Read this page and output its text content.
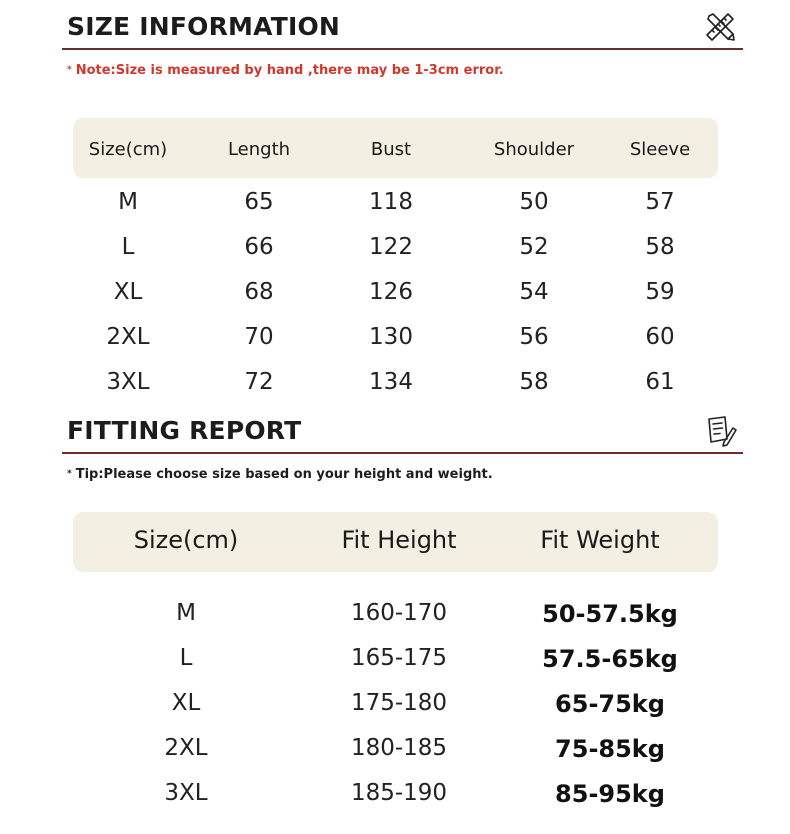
SIZE INFORMATION
* Note:Size is measured by hand ,there may be 1-3cm error.
Size(cm)	Length	Bust	Shoulder	Sleeve
M	65	118	50	57
L	66	122	52	58
XL	68	126	54	59
2XL	70	130	56	60
3XL	72	134	58	61
FITTING REPORT
* Tip:Please choose size based on your height and weight.
Size(cm)	Fit Height	Fit Weight
M	160-170	50-57.5kg
L	165-175	57.5-65kg
XL	175-180	65-75kg
2XL	180-185	75-85kg
3XL	185-190	85-95kg
